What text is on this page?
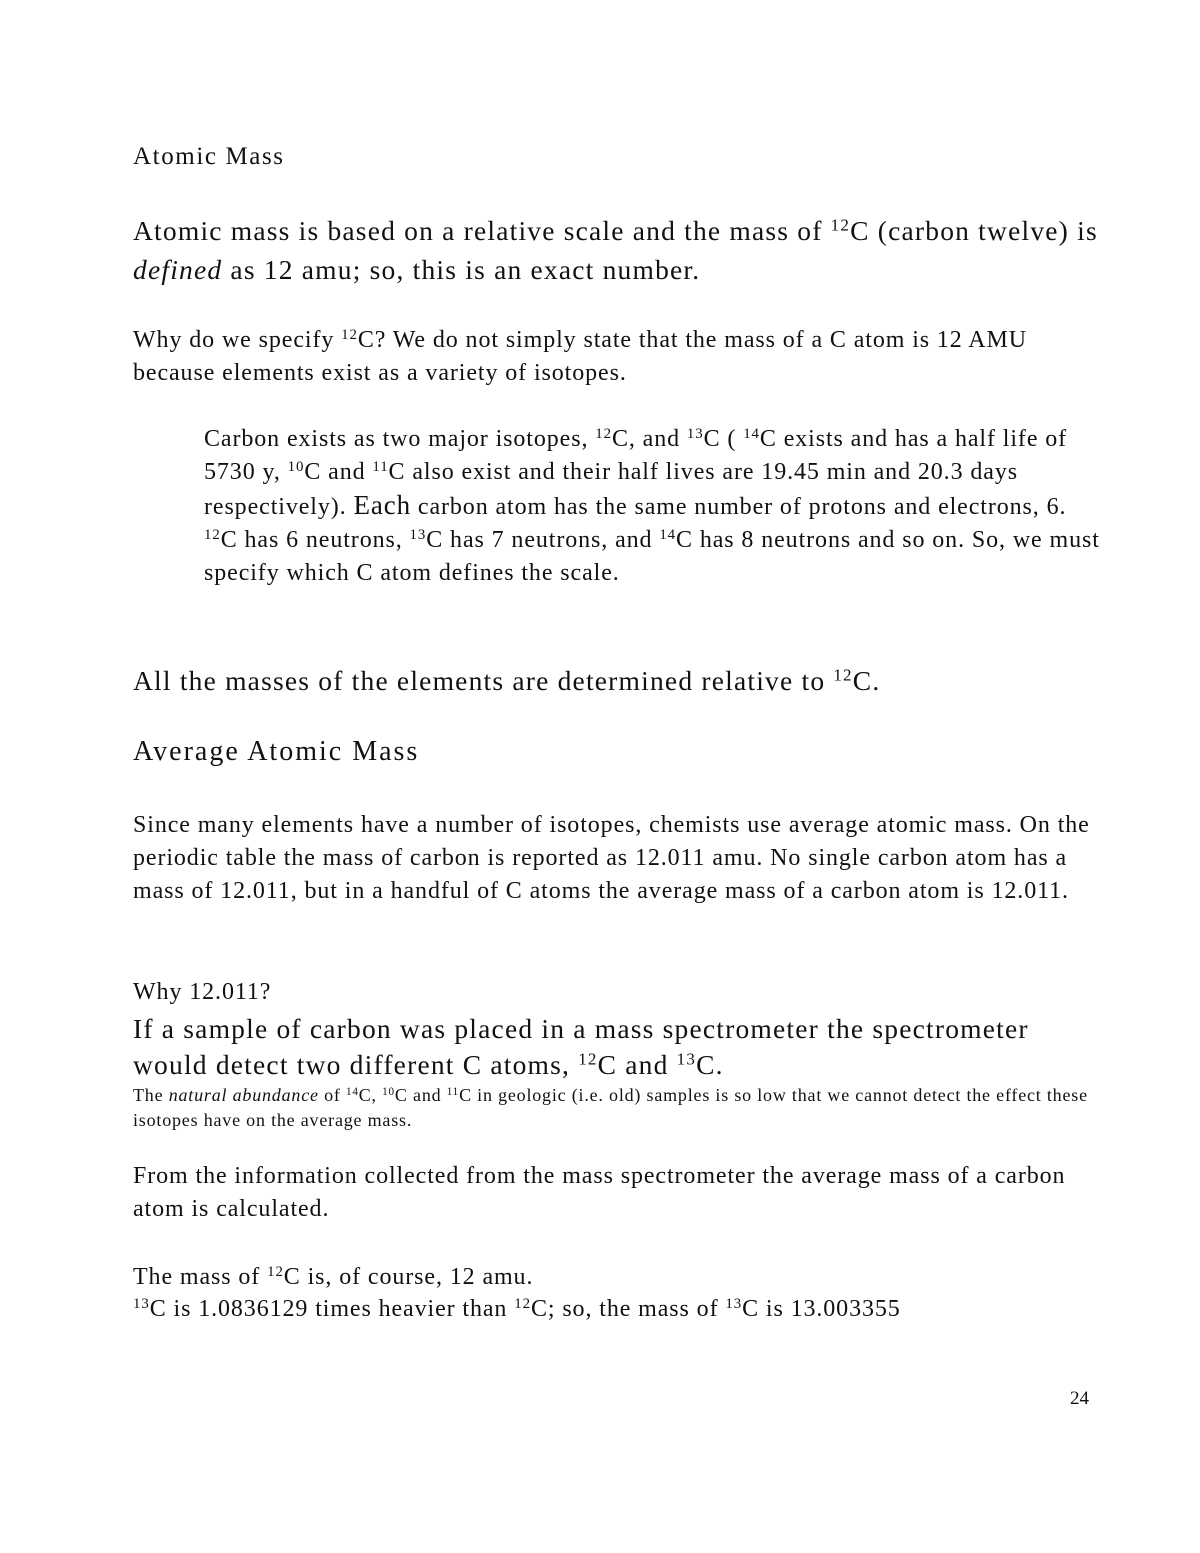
Atomic Mass

Atomic mass is based on a relative scale and the mass of $^{12}$C (carbon twelve) is defined as 12 amu; so, this is an exact number.

Why do we specify $^{12}$C? We do not simply state that the mass of a C atom is 12 AMU because elements exist as a variety of isotopes.

Carbon exists as two major isotopes, $^{12}$C, and $^{13}$C ( $^{14}$C exists and has a half life of 5730 y, $^{10}$C and $^{11}$C also exist and their half lives are 19.45 min and 20.3 days respectively). Each carbon atom has the same number of protons and electrons, 6. $^{12}$C has 6 neutrons, $^{13}$C has 7 neutrons, and $^{14}$C has 8 neutrons and so on. So, we must specify which C atom defines the scale.

All the masses of the elements are determined relative to $^{12}$C.

Average Atomic Mass

Since many elements have a number of isotopes, chemists use average atomic mass. On the periodic table the mass of carbon is reported as 12.011 amu. No single carbon atom has a mass of 12.011, but in a handful of C atoms the average mass of a carbon atom is 12.011.

Why 12.011?

If a sample of carbon was placed in a mass spectrometer the spectrometer would detect two different C atoms, $^{12}$C and $^{13}$C.

The natural abundance of $^{14}$C, $^{10}$C and $^{11}$C in geologic (i.e. old) samples is so low that we cannot detect the effect these isotopes have on the average mass.

From the information collected from the mass spectrometer the average mass of a carbon atom is calculated.

The mass of $^{12}$C is, of course, 12 amu.

$^{13}$C is 1.0836129 times heavier than $^{12}$C; so, the mass of $^{13}$C is 13.003355

24
